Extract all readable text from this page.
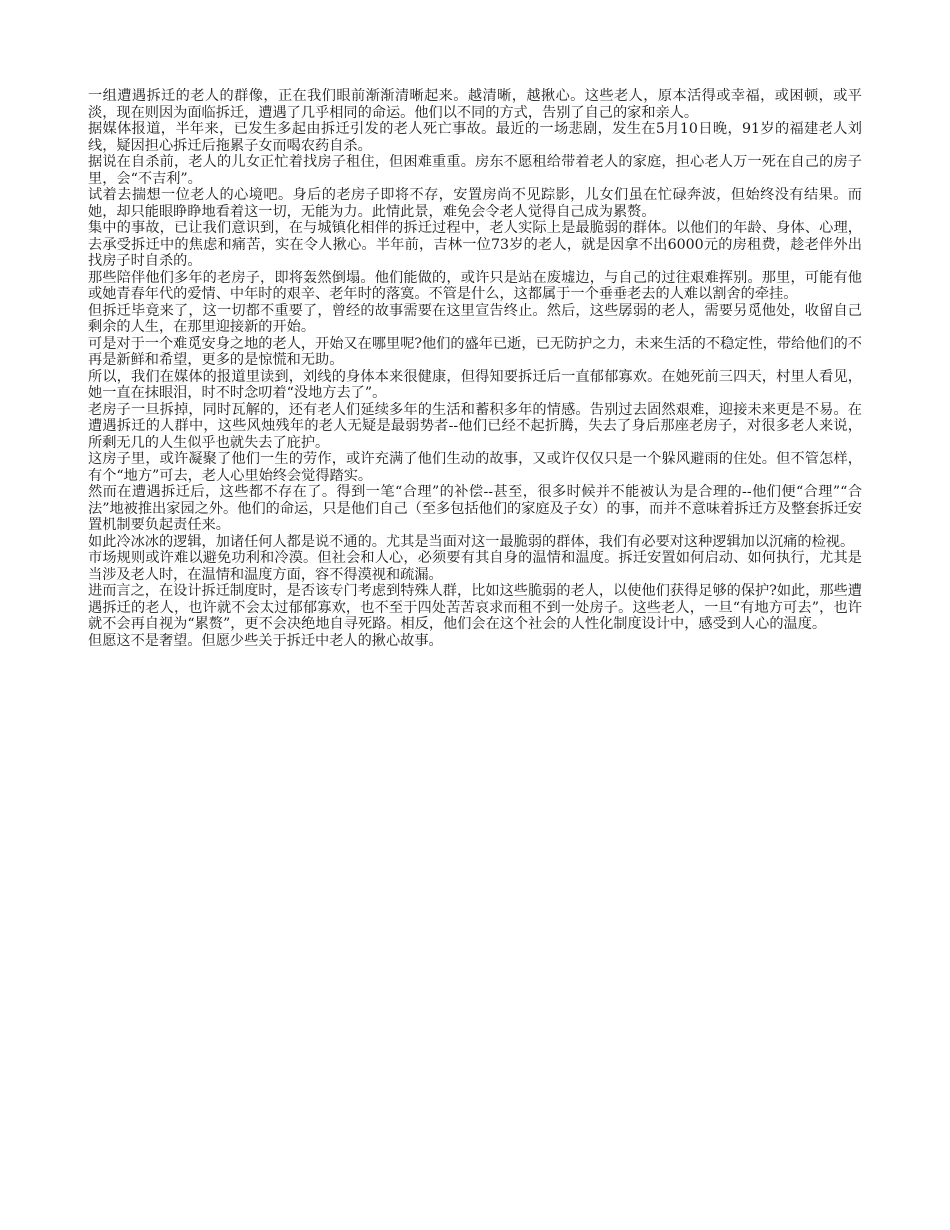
一组遭遇拆迁的老人的群像，正在我们眼前渐渐清晰起来。越清晰，越揪心。这些老人，原本活得或幸福，或困顿，或平淡，现在则因为面临拆迁，遭遇了几乎相同的命运。他们以不同的方式，告别了自己的家和亲人。

据媒体报道，半年来，已发生多起由拆迁引发的老人死亡事故。最近的一场悲剧，发生在5月10日晚，91岁的福建老人刘线，疑因担心拆迁后拖累子女而喝农药自杀。

据说在自杀前，老人的儿女正忙着找房子租住，但困难重重。房东不愿租给带着老人的家庭，担心老人万一死在自己的房子里，会“不吉利”。

试着去揣想一位老人的心境吧。身后的老房子即将不存，安置房尚不见踪影，儿女们虽在忙碌奔波，但始终没有结果。而她，却只能眼睁睁地看着这一切，无能为力。此情此景，难免会令老人觉得自己成为累赘。

集中的事故，已让我们意识到，在与城镇化相伴的拆迁过程中，老人实际上是最脆弱的群体。以他们的年龄、身体、心理，去承受拆迁中的焦虑和痛苦，实在令人揪心。半年前，吉林一位73岁的老人，就是因拿不出6000元的房租费，趁老伴外出找房子时自杀的。

那些陪伴他们多年的老房子，即将轰然倒塌。他们能做的，或许只是站在废墟边，与自己的过往艰难挥别。那里，可能有他或她青春年代的爱情、中年时的艰辛、老年时的落寞。不管是什么，这都属于一个垂垂老去的人难以割舍的牵挂。

但拆迁毕竟来了，这一切都不重要了，曾经的故事需要在这里宣告终止。然后，这些孱弱的老人，需要另觅他处，收留自己剩余的人生，在那里迎接新的开始。

可是对于一个难觅安身之地的老人，开始又在哪里呢?他们的盛年已逝，已无防护之力，未来生活的不稳定性，带给他们的不再是新鲜和希望，更多的是惊慌和无助。

所以，我们在媒体的报道里读到，刘线的身体本来很健康，但得知要拆迁后一直郁郁寡欢。在她死前三四天，村里人看见，她一直在抹眼泪，时不时念叨着“没地方去了”。

老房子一旦拆掉，同时瓦解的，还有老人们延续多年的生活和蓄积多年的情感。告别过去固然艰难，迎接未来更是不易。在遭遇拆迁的人群中，这些风烛残年的老人无疑是最弱势者--他们已经不起折腾，失去了身后那座老房子，对很多老人来说，所剩无几的人生似乎也就失去了庇护。

这房子里，或许凝聚了他们一生的劳作，或许充满了他们生动的故事，又或许仅仅只是一个躲风避雨的住处。但不管怎样，有个“地方”可去，老人心里始终会觉得踏实。

然而在遭遇拆迁后，这些都不存在了。得到一笔“合理”的补偿--甚至，很多时候并不能被认为是合理的--他们便“合理”“合法”地被推出家园之外。他们的命运，只是他们自己（至多包括他们的家庭及子女）的事，而并不意味着拆迁方及整套拆迁安置机制要负起责任来。

如此冷冰冰的逻辑，加诸任何人都是说不通的。尤其是当面对这一最脆弱的群体，我们有必要对这种逻辑加以沉痛的检视。

市场规则或许难以避免功利和冷漠。但社会和人心，必须要有其自身的温情和温度。拆迁安置如何启动、如何执行，尤其是当涉及老人时，在温情和温度方面，容不得漠视和疏漏。

进而言之，在设计拆迁制度时，是否该专门考虑到特殊人群，比如这些脆弱的老人，以使他们获得足够的保护?如此，那些遭遇拆迁的老人，也许就不会太过郁郁寡欢，也不至于四处苦苦哀求而租不到一处房子。这些老人，一旦“有地方可去”，也许就不会再自视为“累赘”，更不会决绝地自寻死路。相反，他们会在这个社会的人性化制度设计中，感受到人心的温度。

但愿这不是奢望。但愿少些关于拆迁中老人的揪心故事。
